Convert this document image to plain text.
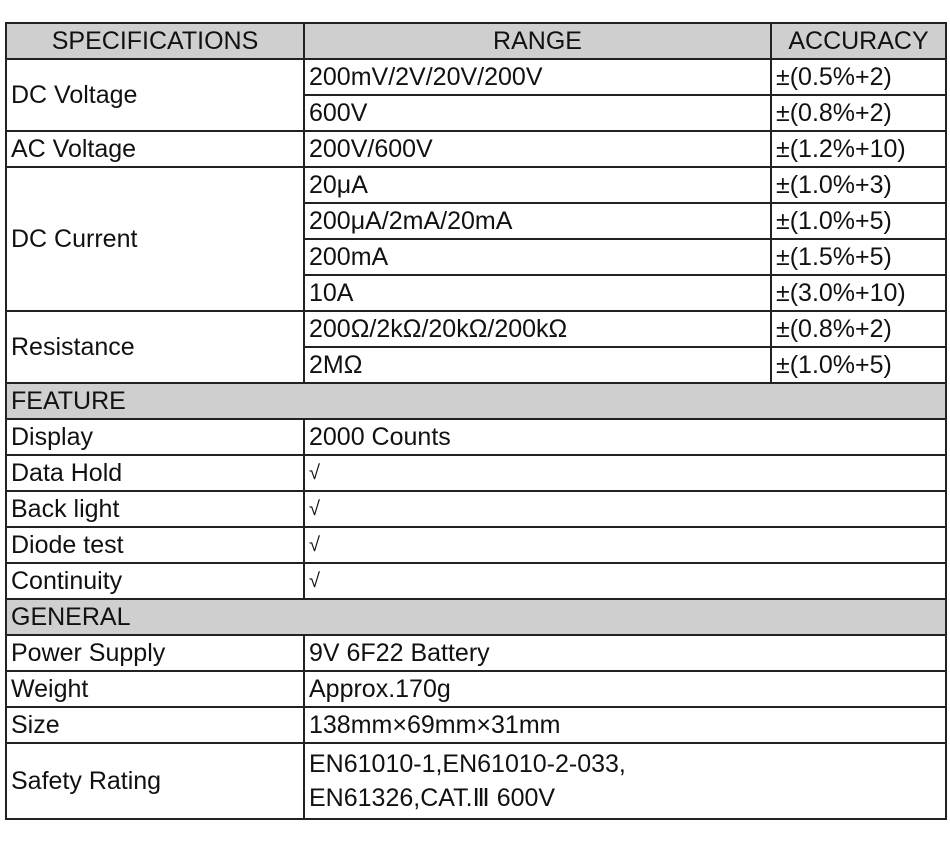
SPECIFICATIONS	RANGE	ACCURACY
DC Voltage	200mV/2V/20V/200V	±(0.5%+2)
	600V	±(0.8%+2)
AC Voltage	200V/600V	±(1.2%+10)
DC Current	20μA	±(1.0%+3)
	200μA/2mA/20mA	±(1.0%+5)
	200mA	±(1.5%+5)
	10A	±(3.0%+10)
Resistance	200Ω/2kΩ/20kΩ/200kΩ	±(0.8%+2)
	2MΩ	±(1.0%+5)
FEATURE		
Display	2000 Counts	
Data Hold	√	
Back light	√	
Diode test	√	
Continuity	√	
GENERAL		
Power Supply	9V 6F22 Battery	
Weight	Approx.170g	
Size	138mm×69mm×31mm	
Safety Rating	EN61010-1,EN61010-2-033,
EN61326,CAT.Ⅲ 600V	
